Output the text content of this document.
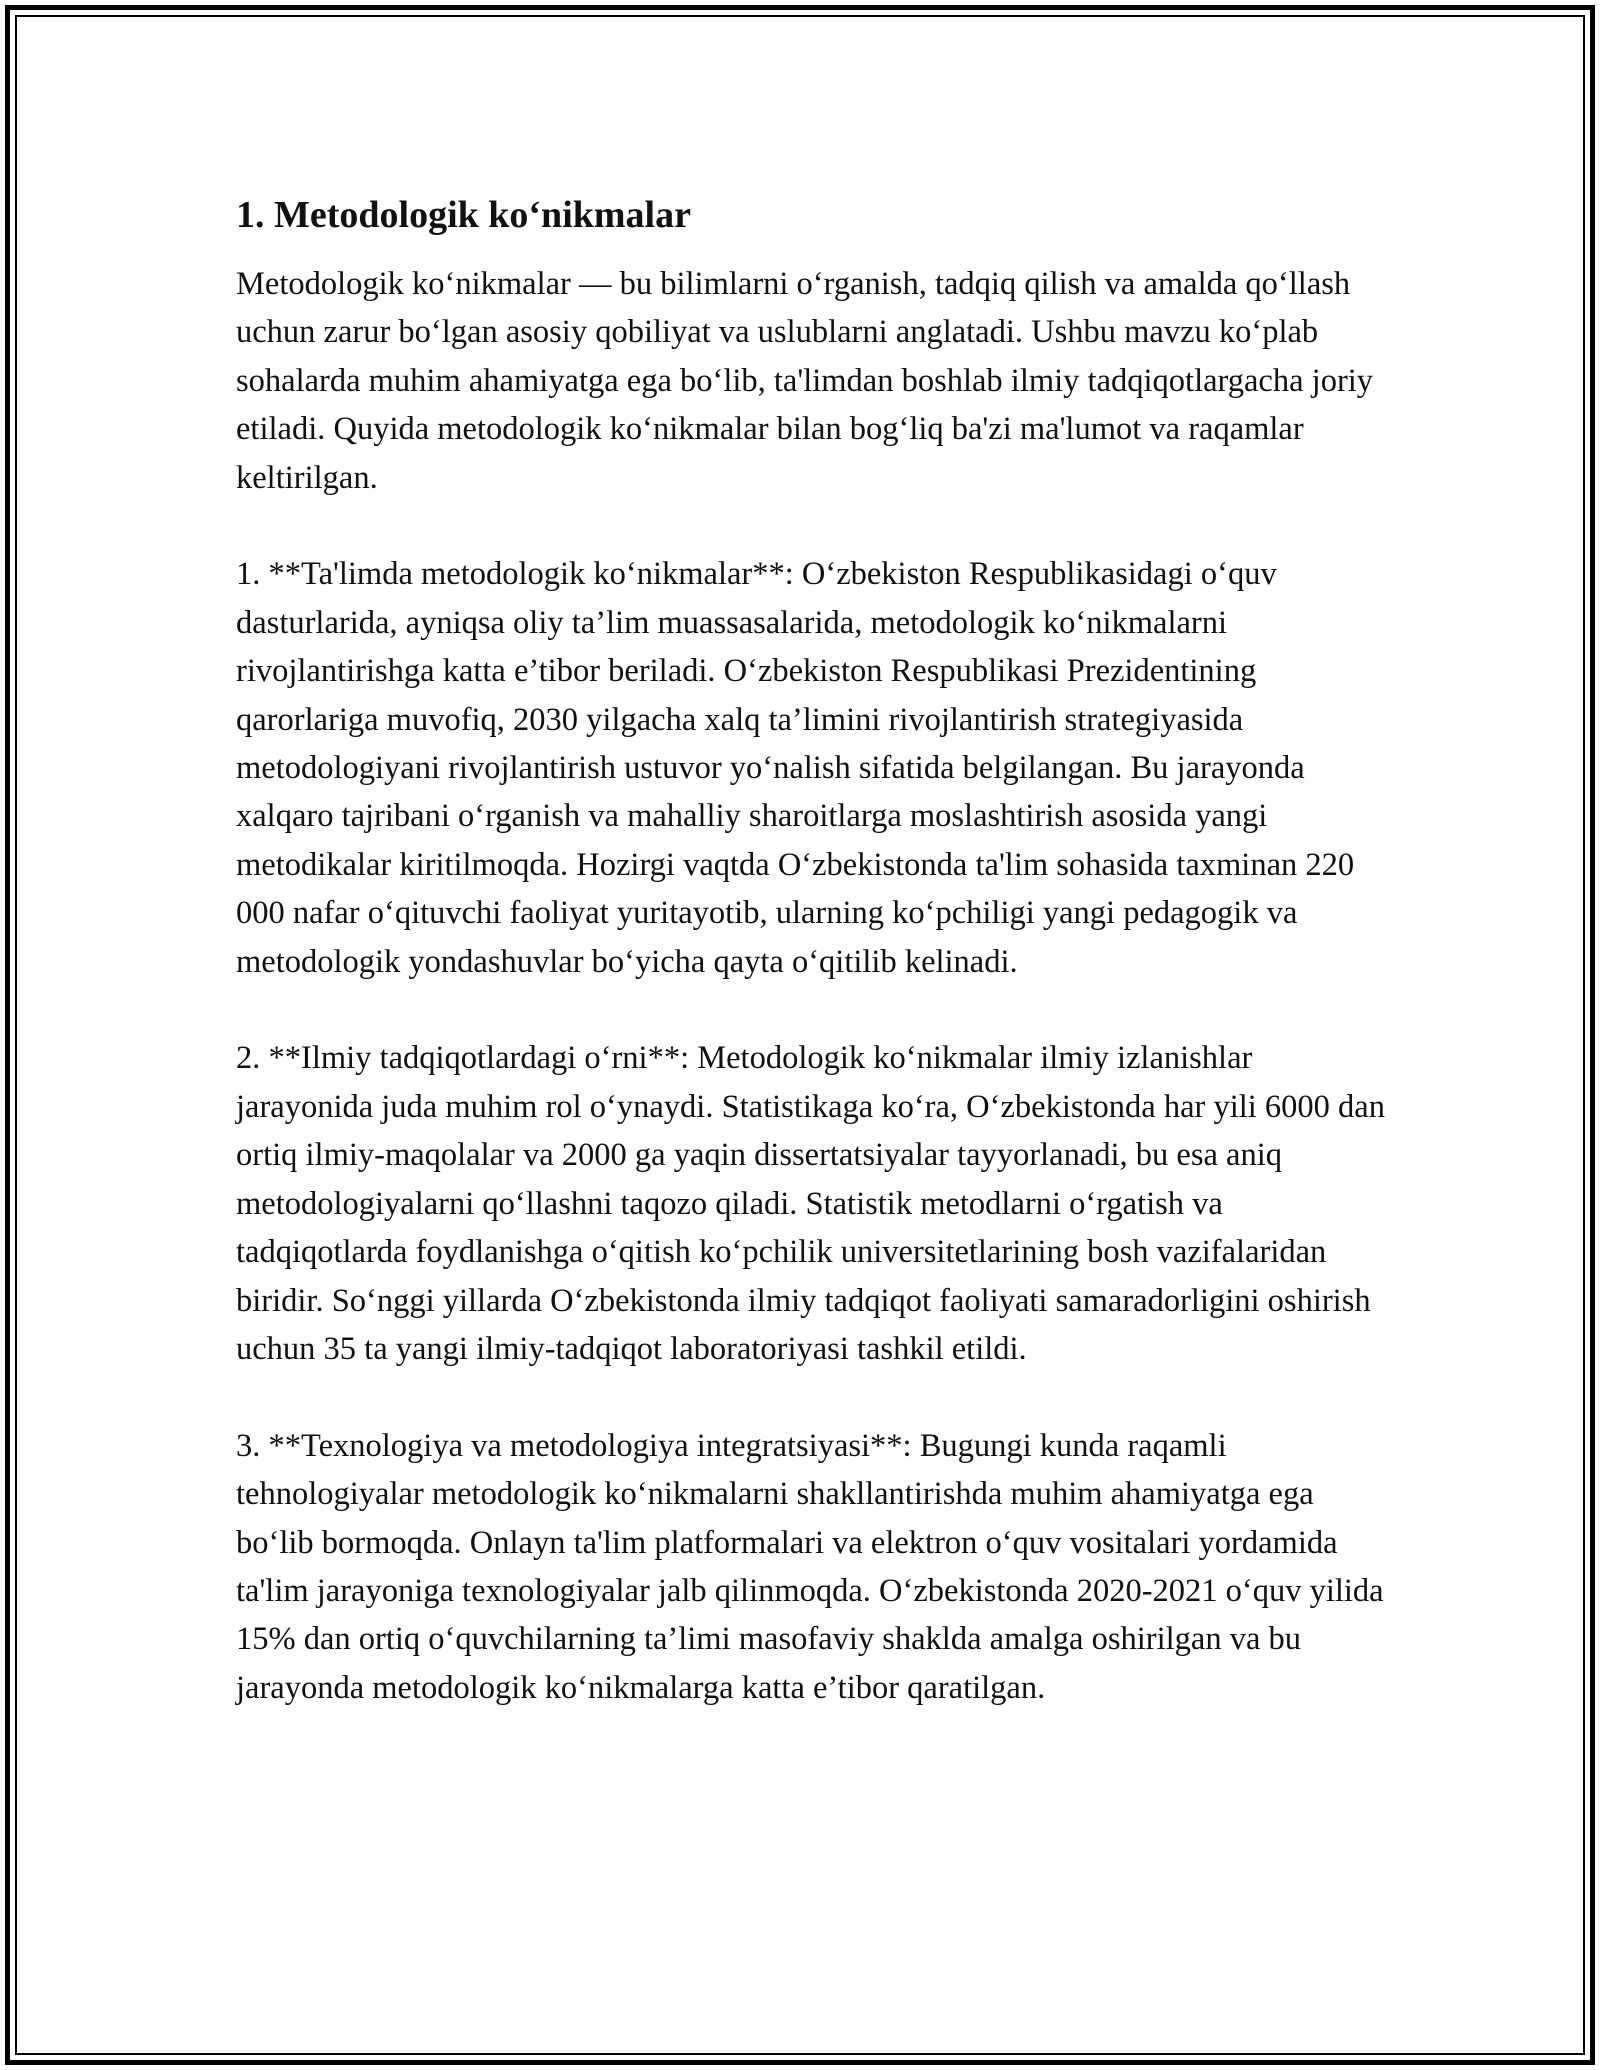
1. Metodologik ko‘nikmalar

Metodologik ko‘nikmalar — bu bilimlarni o‘rganish, tadqiq qilish va amalda qo‘llash uchun zarur bo‘lgan asosiy qobiliyat va uslublarni anglatadi. Ushbu mavzu ko‘plab sohalarda muhim ahamiyatga ega bo‘lib, ta'limdan boshlab ilmiy tadqiqotlargacha joriy etiladi. Quyida metodologik ko‘nikmalar bilan bog‘liq ba'zi ma'lumot va raqamlar keltirilgan.

1. **Ta'limda metodologik ko‘nikmalar**: O‘zbekiston Respublikasidagi o‘quv dasturlarida, ayniqsa oliy ta’lim muassasalarida, metodologik ko‘nikmalarni rivojlantirishga katta e’tibor beriladi. O‘zbekiston Respublikasi Prezidentining qarorlariga muvofiq, 2030 yilgacha xalq ta’limini rivojlantirish strategiyasida metodologiyani rivojlantirish ustuvor yo‘nalish sifatida belgilangan. Bu jarayonda xalqaro tajribani o‘rganish va mahalliy sharoitlarga moslashtirish asosida yangi metodikalar kiritilmoqda. Hozirgi vaqtda O‘zbekistonda ta'lim sohasida taxminan 220 000 nafar o‘qituvchi faoliyat yuritayotib, ularning ko‘pchiligi yangi pedagogik va metodologik yondashuvlar bo‘yicha qayta o‘qitilib kelinadi.

2. **Ilmiy tadqiqotlardagi o‘rni**: Metodologik ko‘nikmalar ilmiy izlanishlar jarayonida juda muhim rol o‘ynaydi. Statistikaga ko‘ra, O‘zbekistonda har yili 6000 dan ortiq ilmiy-maqolalar va 2000 ga yaqin dissertatsiyalar tayyorlanadi, bu esa aniq metodologiyalarni qo‘llashni taqozo qiladi. Statistik metodlarni o‘rgatish va tadqiqotlarda foydlanishga o‘qitish ko‘pchilik universitetlarining bosh vazifalaridan biridir. So‘nggi yillarda O‘zbekistonda ilmiy tadqiqot faoliyati samaradorligini oshirish uchun 35 ta yangi ilmiy-tadqiqot laboratoriyasi tashkil etildi.

3. **Texnologiya va metodologiya integratsiyasi**: Bugungi kunda raqamli tehnologiyalar metodologik ko‘nikmalarni shakllantirishda muhim ahamiyatga ega bo‘lib bormoqda. Onlayn ta'lim platformalari va elektron o‘quv vositalari yordamida ta'lim jarayoniga texnologiyalar jalb qilinmoqda. O‘zbekistonda 2020-2021 o‘quv yilida 15% dan ortiq o‘quvchilarning ta’limi masofaviy shaklda amalga oshirilgan va bu jarayonda metodologik ko‘nikmalarga katta e’tibor qaratilgan.
